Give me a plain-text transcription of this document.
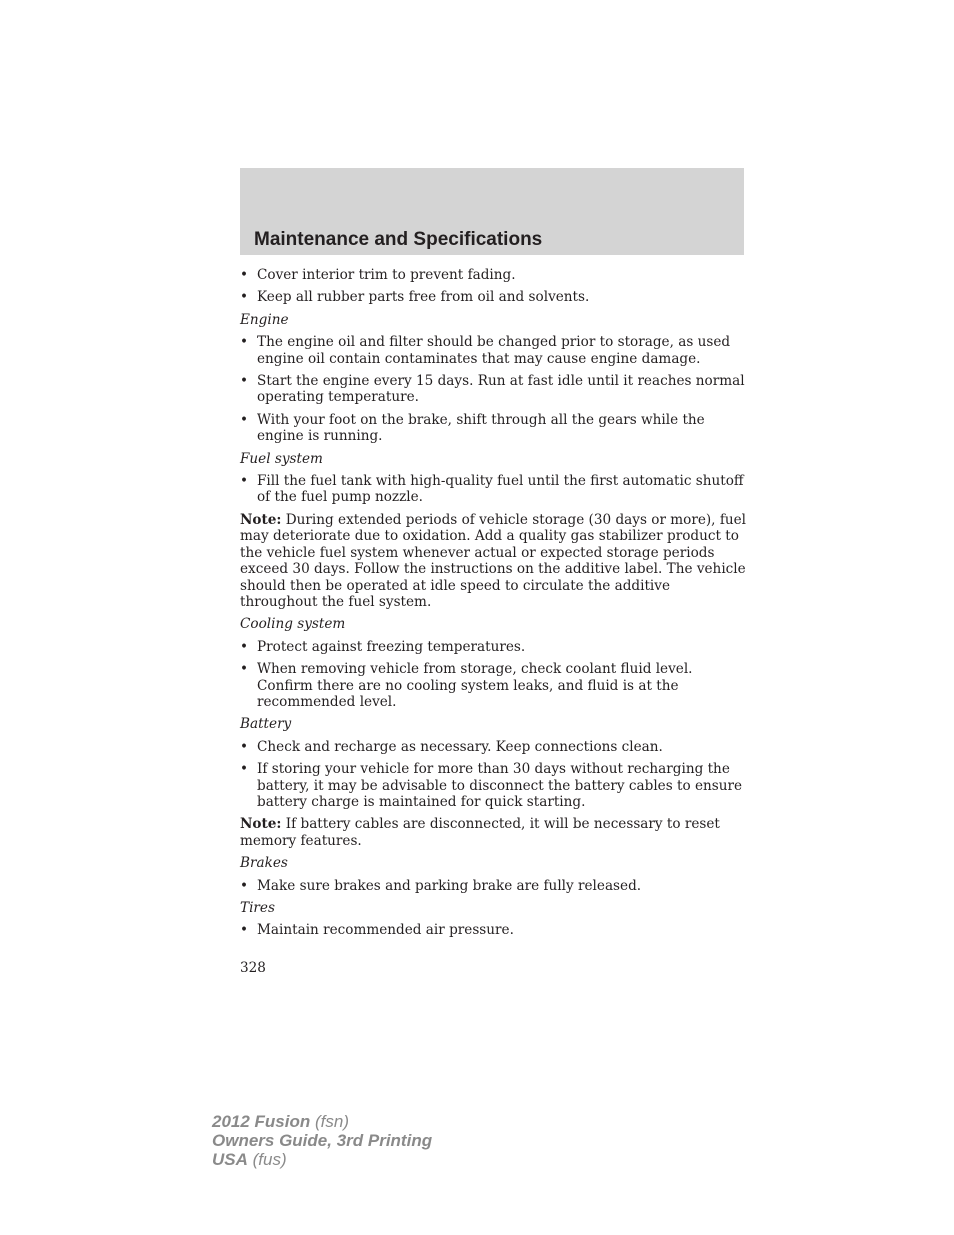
Maintenance and Specifications
• Cover interior trim to prevent fading.
• Keep all rubber parts free from oil and solvents.
Engine
• The engine oil and filter should be changed prior to storage, as used engine oil contain contaminates that may cause engine damage.
• Start the engine every 15 days. Run at fast idle until it reaches normal operating temperature.
• With your foot on the brake, shift through all the gears while the engine is running.
Fuel system
• Fill the fuel tank with high-quality fuel until the first automatic shutoff of the fuel pump nozzle.

Note: During extended periods of vehicle storage (30 days or more), fuel may deteriorate due to oxidation. Add a quality gas stabilizer product to the vehicle fuel system whenever actual or expected storage periods exceed 30 days. Follow the instructions on the additive label. The vehicle should then be operated at idle speed to circulate the additive throughout the fuel system.

Cooling system
• Protect against freezing temperatures.
• When removing vehicle from storage, check coolant fluid level. Confirm there are no cooling system leaks, and fluid is at the recommended level.
Battery
• Check and recharge as necessary. Keep connections clean.
• If storing your vehicle for more than 30 days without recharging the battery, it may be advisable to disconnect the battery cables to ensure battery charge is maintained for quick starting.

Note: If battery cables are disconnected, it will be necessary to reset memory features.

Brakes
• Make sure brakes and parking brake are fully released.
Tires
• Maintain recommended air pressure.
328
2012 Fusion (fsn)
Owners Guide, 3rd Printing
USA (fus)
